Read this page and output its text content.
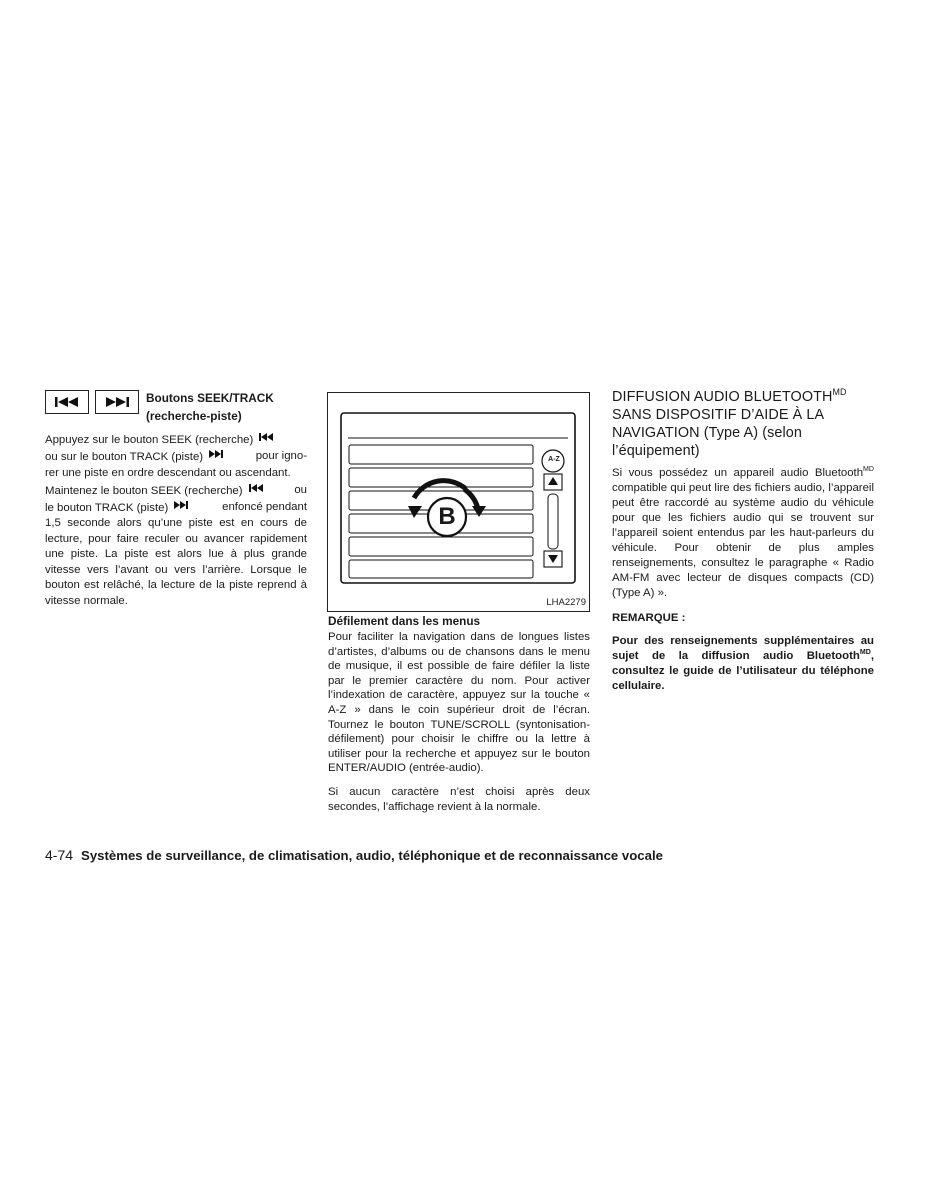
Boutons SEEK/TRACK
(recherche-piste)
Appuyez sur le bouton SEEK (recherche)
ou sur le bouton TRACK (piste)	pour igno-
rer une piste en ordre descendant ou ascendant.
Maintenez le bouton SEEK (recherche)	ou
le bouton TRACK (piste)	enfoncé pendant

1,5 seconde alors qu’une piste est en cours de lecture, pour faire reculer ou avancer rapidement une piste. La piste est alors lue à plus grande vitesse vers l’avant ou vers l’arrière. Lorsque le bouton est relâché, la lecture de la piste reprend à vitesse normale.

A-Z
B
LHA2279
Défilement dans les menus

Pour faciliter la navigation dans de longues listes d’artistes, d’albums ou de chansons dans le menu de musique, il est possible de faire défiler la liste par le premier caractère du nom. Pour activer l’indexation de caractère, appuyez sur la touche « A-Z » dans le coin supérieur droit de l’écran. Tournez le bouton TUNE/SCROLL (syntonisation-défilement) pour choisir le chiffre ou la lettre à utiliser pour la recherche et appuyez sur le bouton ENTER/AUDIO (entrée-audio).

Si aucun caractère n’est choisi après deux secondes, l’affichage revient à la normale.

DIFFUSION AUDIO $BLUETOOTH^{MD}$ SANS DISPOSITIF D’AIDE À LA NAVIGATION (Type A) (selon l’équipement)

Si vous possédez un appareil audio Bluetooth$^{MD}$ compatible qui peut lire des fichiers audio, l’appareil peut être raccordé au système audio du véhicule pour que les fichiers audio qui se trouvent sur l’appareil soient entendus par les haut-parleurs du véhicule. Pour obtenir de plus amples renseignements, consultez le paragraphe « Radio AM-FM avec lecteur de disques compacts (CD) (Type A) ».

REMARQUE :

Pour des renseignements supplémentaires au sujet de la diffusion audio Bluetooth$^{MD}$, consultez le guide de l’utilisateur du téléphone cellulaire.

4-74 Systèmes de surveillance, de climatisation, audio, téléphonique et de reconnaissance vocale
